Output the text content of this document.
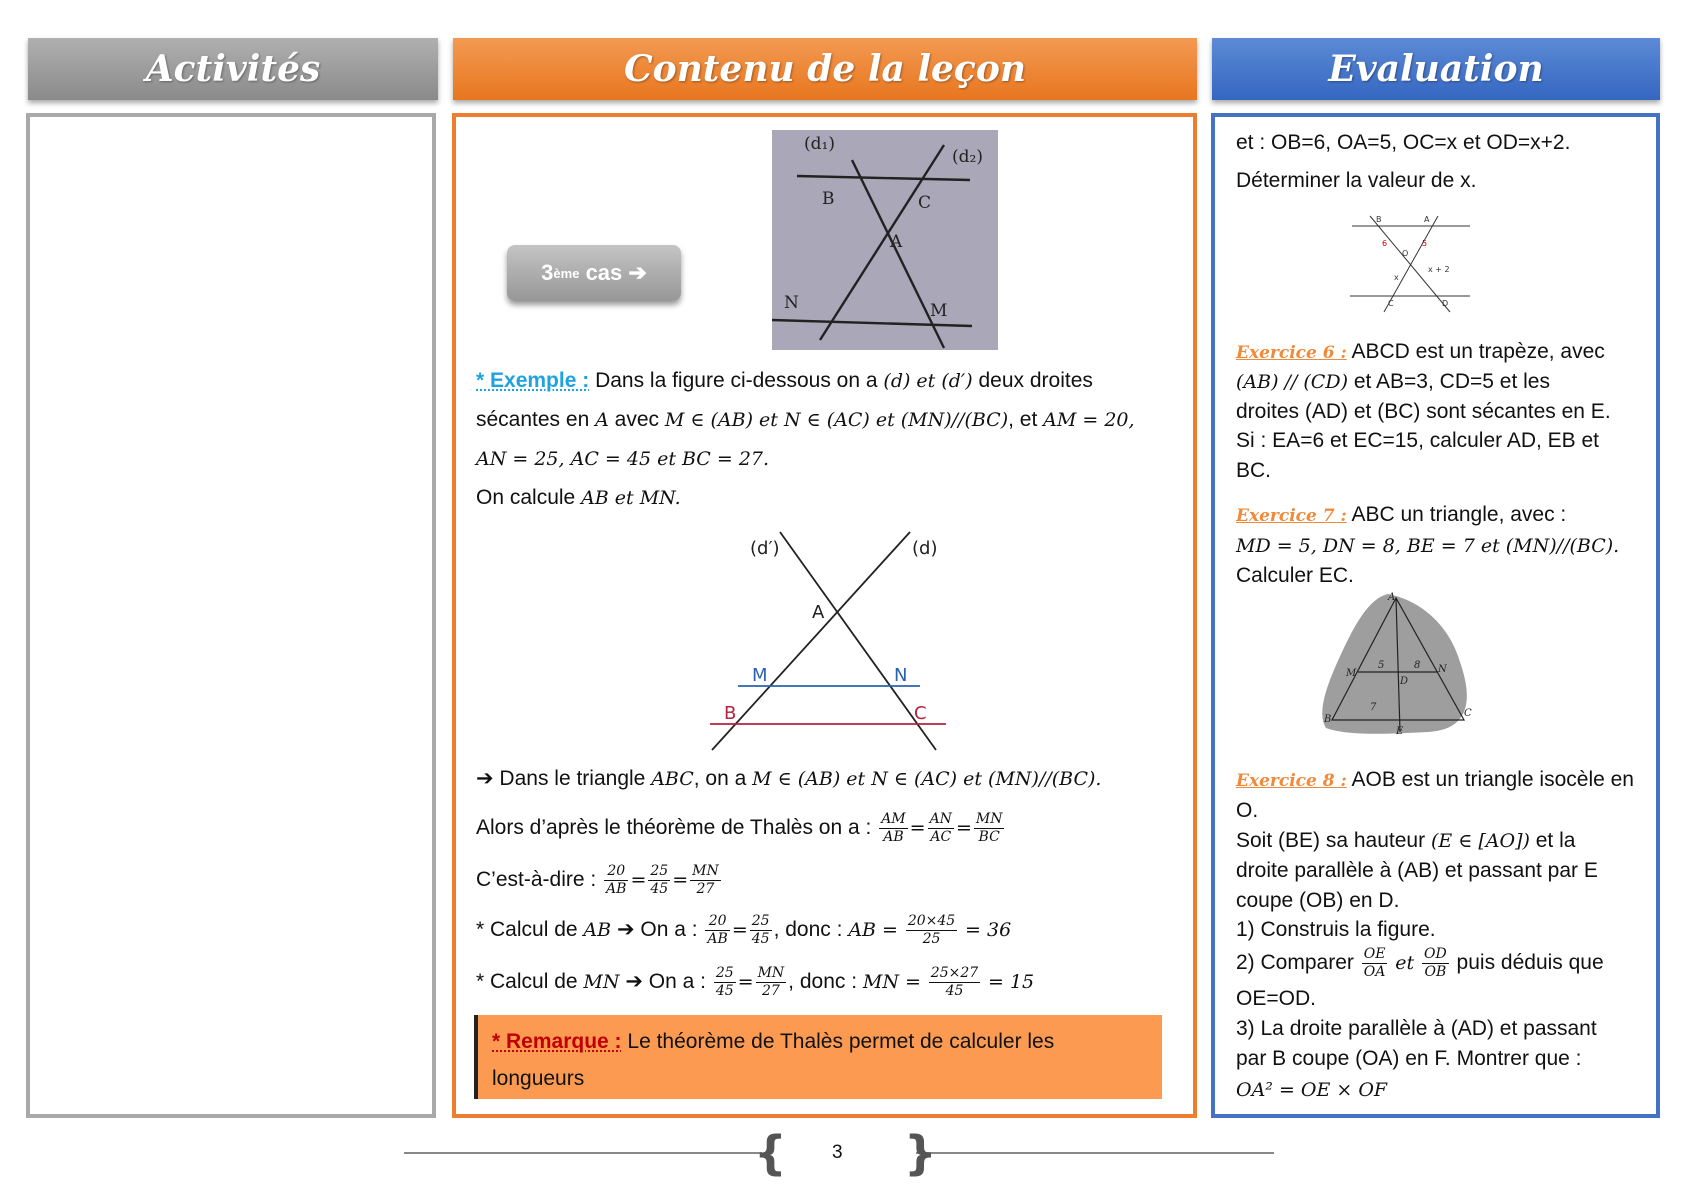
Activités	Contenu de la leçon	Evaluation
3 ème
cas
➔
(d₁)
(d₂)
B	C
A
N	M
* Exemple : Dans la figure ci-dessous on a (d) et (d′) deux droites
sécantes en A avec M ∈ (AB) et N ∈ (AC) et (MN)//(BC), et AM = 20,
AN = 25, AC = 45 et BC = 27.
On calcule AB et MN.
(d′)	(d)
A
M	N
B	C
➔ Dans le triangle ABC, on a M ∈ (AB) et N ∈ (AC) et (MN)//(BC).
Alors d’après le théorème de Thalès on a : $\frac{AM}{AB} = \frac{AN}{AC} = \frac{MN}{BC}$
C’est-à-dire : $\frac{20}{AB} = \frac{25}{45} = \frac{MN}{27}$
* Calcul de AB ➔ On a : $\frac{20}{AB} = \frac{25}{45}$ , donc : AB = $\frac{20\times 45}{25} = 36$
* Calcul de MN ➔ On a : $\frac{25}{45} = \frac{MN}{27}$ , donc : MN = $\frac{25\times 27}{45} = 15$
* Remarque : Le théorème de Thalès permet de calculer les longueurs
et : OB=6, OA=5, OC=x et OD=x+2.
Déterminer la valeur de x.
B	A
6	5
O
x
x + 2
C	D
Exercice 6 : ABCD est un trapèze, avec
(AB) // (CD) et AB=3, CD=5 et les
droites (AD) et (BC) sont sécantes en E.
Si : EA=6 et EC=15, calculer AD, EB et
BC.
Exercice 7 : ABC un triangle, avec :
MD = 5, DN = 8, BE = 7 et (MN)//(BC).
Calculer EC.
A
M	N
D
B
C
E
5	8
7
Exercice 8 : AOB est un triangle isocèle en
O.
Soit (BE) sa hauteur (E ∈ [AO]) et la
droite parallèle à (AB) et passant par E
coupe (OB) en D.
1) Construis la figure.
2) Comparer $\frac{OE}{OA}$ et $\frac{OD}{OB}$ puis déduis que
OE=OD.
3) La droite parallèle à (AD) et passant
par B coupe (OA) en F. Montrer que :
OA² = OE × OF
{	}
3
